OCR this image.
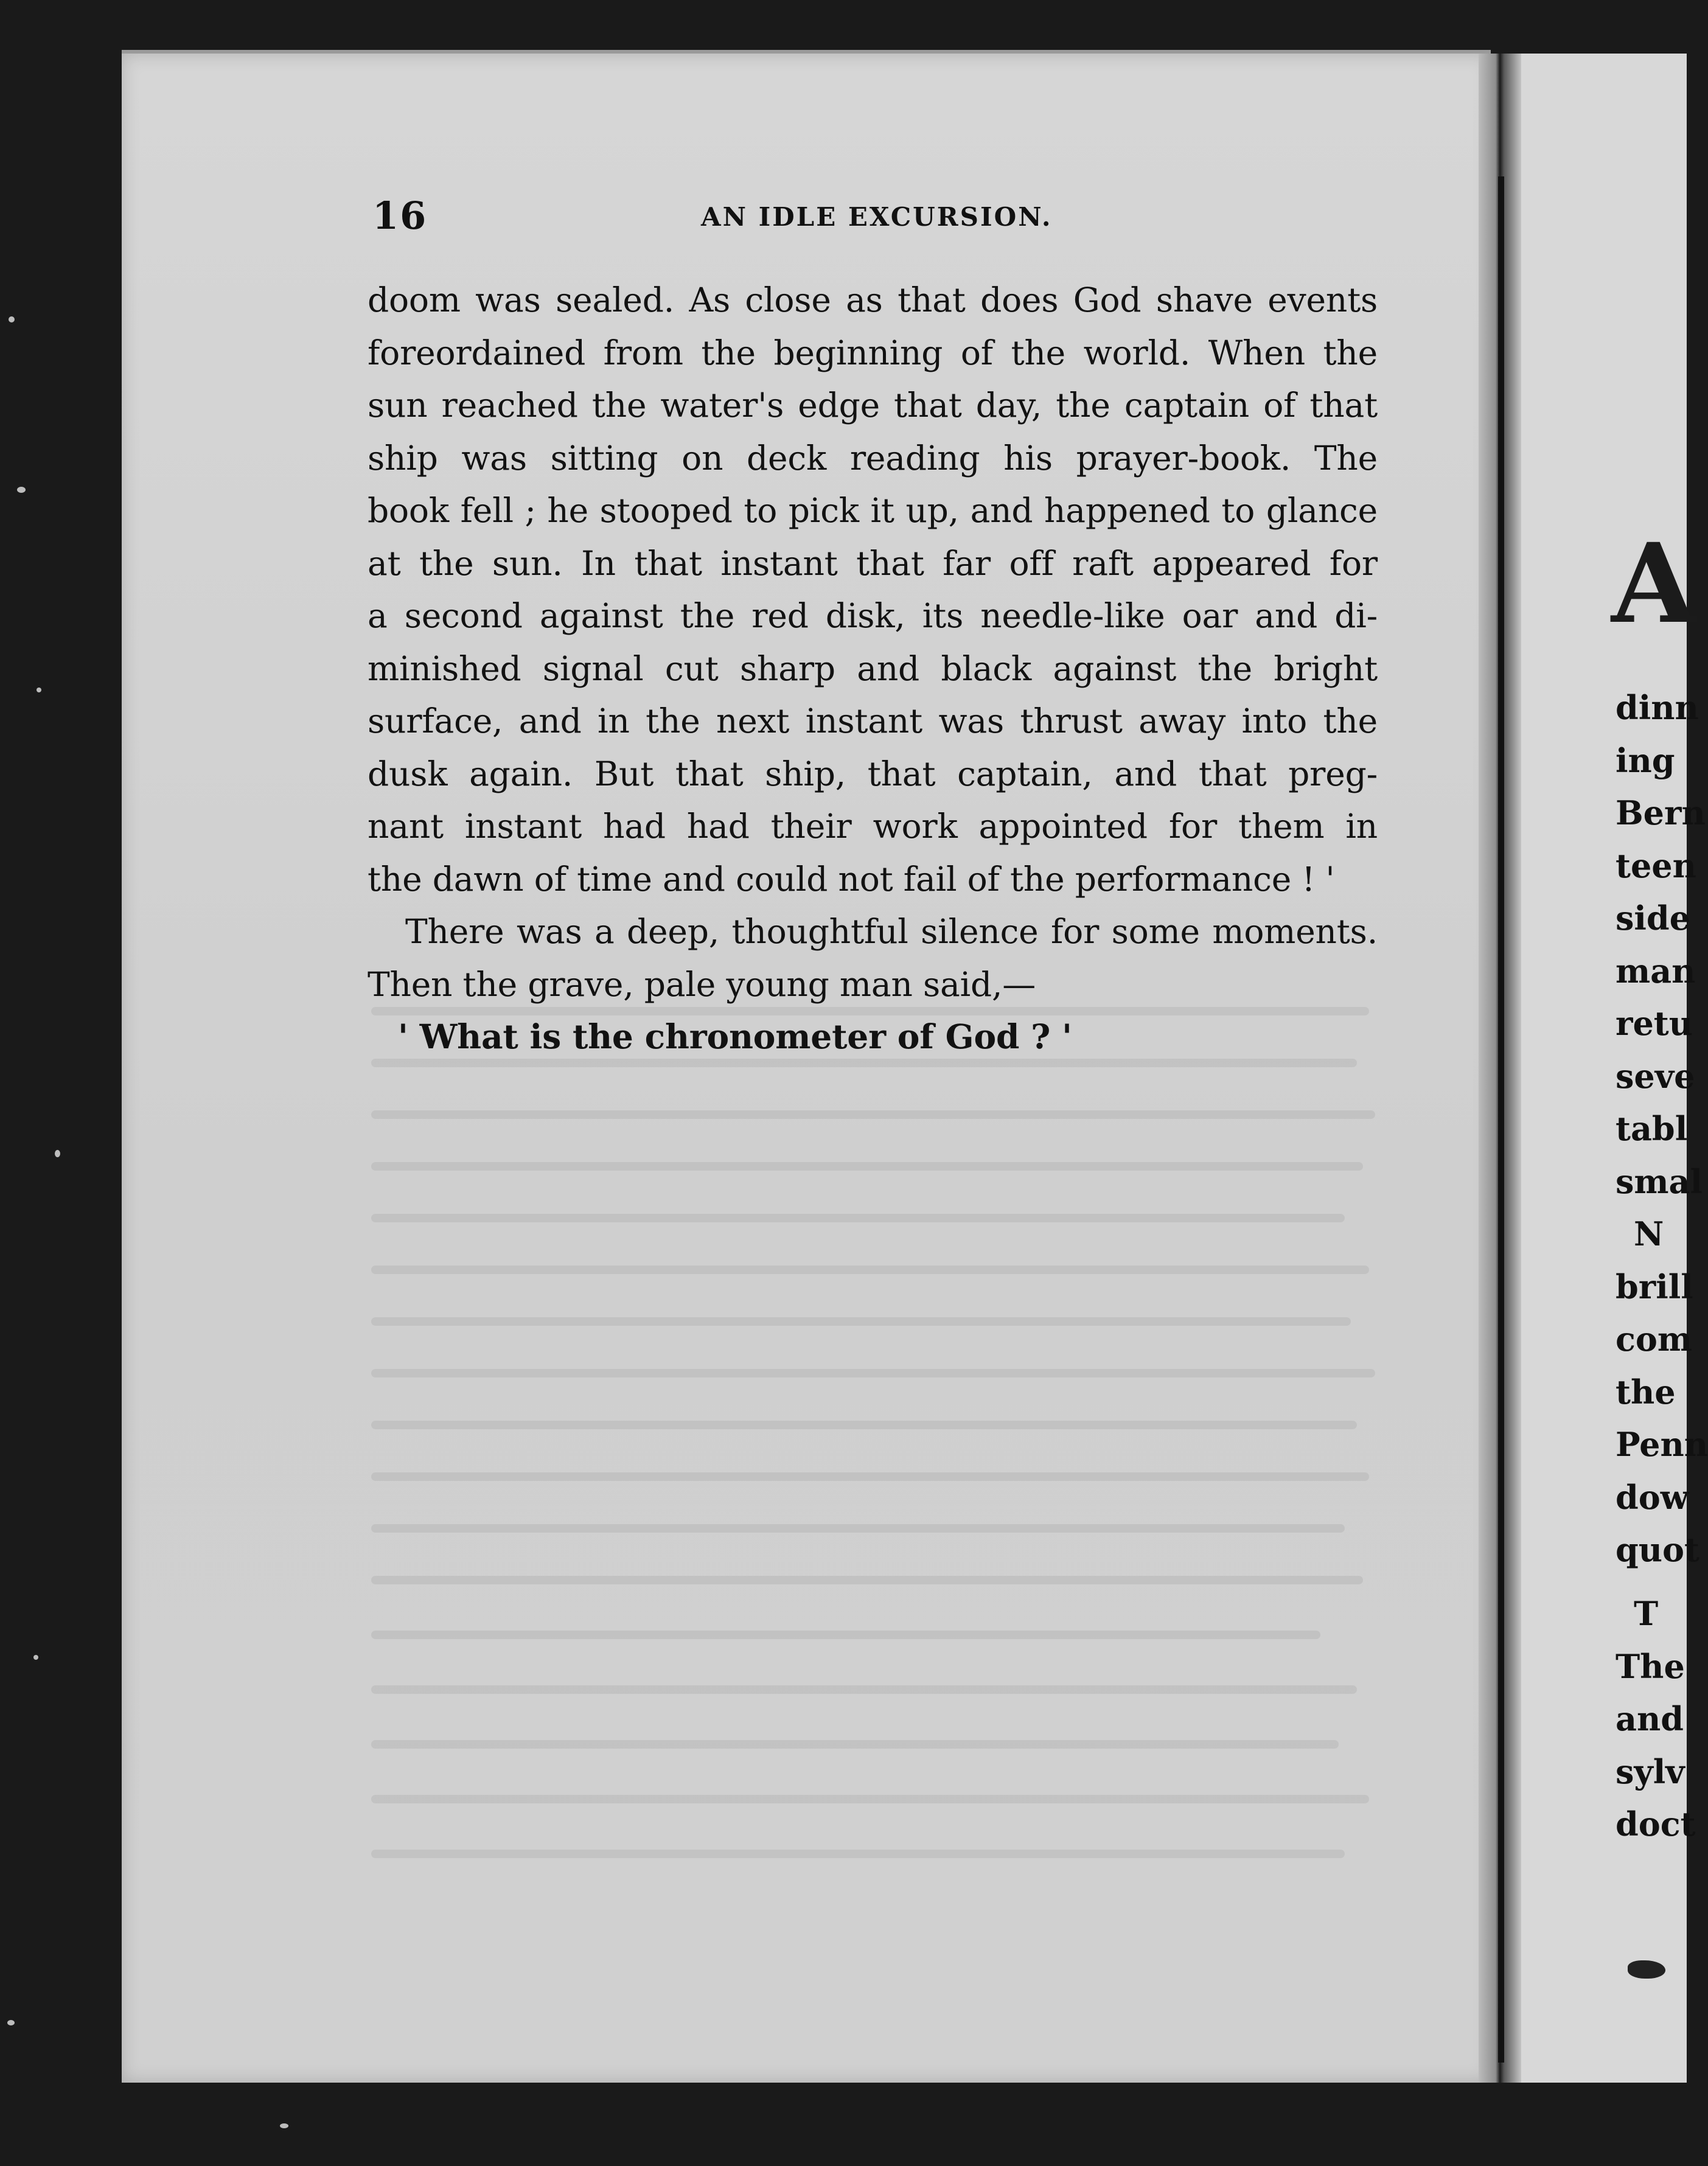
16	AN IDLE EXCURSION.

doom was sealed. As close as that does God shave events
foreordained from the beginning of the world. When the
sun reached the water's edge that day, the captain of that
ship was sitting on deck reading his prayer-book. The
book fell ; he stooped to pick it up, and happened to glance
at the sun. In that instant that far off raft appeared for
a second against the red disk, its needle-like oar and di-
minished signal cut sharp and black against the bright
surface, and in the next instant was thrust away into the
dusk again. But that ship, that captain, and that preg-
nant instant had had their work appointed for them in
the dawn of time and could not fail of the performance ! '

There was a deep, thoughtful silence for some moments.

Then the grave, pale young man said,—

' What is the chronometer of God ? '

A
dinn
ing
Bern
teen
side
man
retu
seve
tabl
smal
N
brill
com
the
Penn
dow
quot
T
The
and
sylv
doct
